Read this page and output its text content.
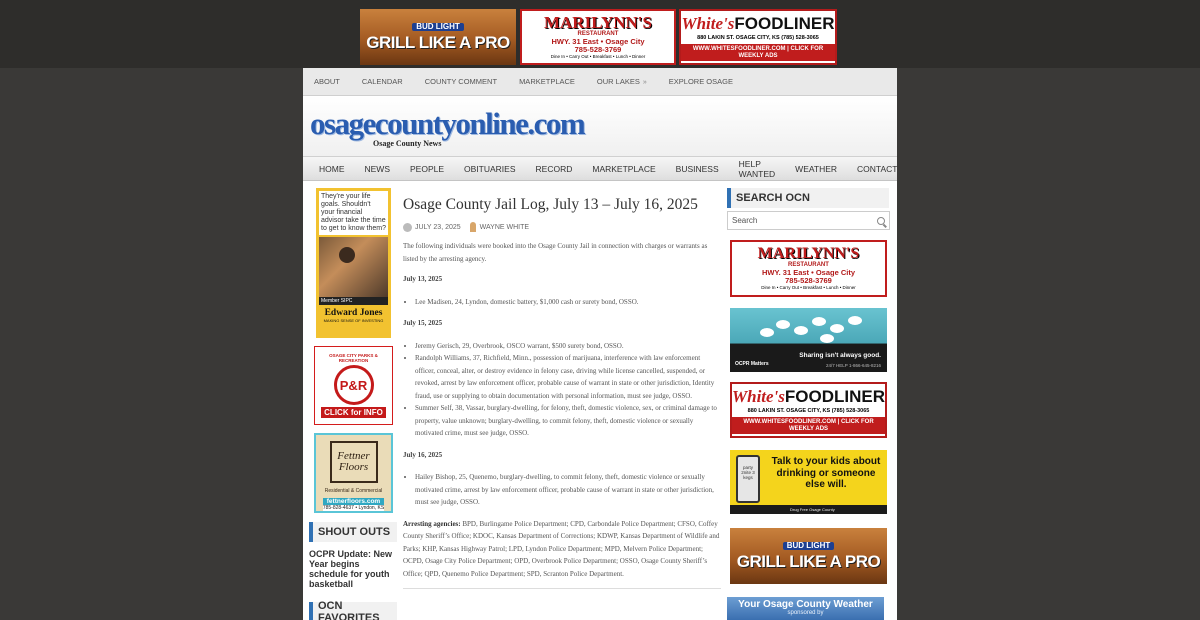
BUD LIGHT
GRILL LIKE A PRO
MARILYNN'S
RESTAURANT
HWY. 31 East • Osage City
785-528-3769
Dine In • Carry Out • Breakfast • Lunch • Dinner
White'sFOODLINER
880 LAKIN ST. OSAGE CITY, KS (785) 528-3065
WWW.WHITESFOODLINER.COM | CLICK FOR WEEKLY ADS
ABOUT	CALENDAR	COUNTY COMMENT	MARKETPLACE	OUR LAKES »	EXPLORE OSAGE
osagecountyonline.com
Osage County News
HOME	NEWS	PEOPLE	OBITUARIES	RECORD	MARKETPLACE	BUSINESS	HELP WANTED	WEATHER	CONTACT
They're your life goals. Shouldn't your financial advisor take the time to get to know them?
Member SIPC
Edward Jones
MAKING SENSE OF INVESTING
OSAGE CITY PARKS & RECREATION
P&R
CLICK for INFO
Fettner Floors
Residential & Commercial
fettnerfloors.com
785-828-4637 • Lyndon, KS
SHOUT OUTS
OCPR Update: New Year begins schedule for youth basketball
OCN FAVORITES
Osage County Jail Log, July 13 – July 16, 2025
JULY 23, 2025	WAYNE WHITE

The following individuals were booked into the Osage County Jail in connection with charges or warrants as listed by the arresting agency.

July 13, 2025

• Lee Madisen, 24, Lyndon, domestic battery, $1,000 cash or surety bond, OSSO.

July 15, 2025

• Jeremy Gerisch, 29, Overbrook, OSCO warrant, $500 surety bond, OSSO.
• Randolph Williams, 37, Richfield, Minn., possession of marijuana, interference with law enforcement officer, conceal, alter, or destroy evidence in felony case, driving while license cancelled, suspended, or revoked, arrest by law enforcement officer, probable cause of warrant in state or other jurisdiction, Identity fraud, use or supplying to obtain documentation with personal information, must see judge, OSSO.
• Summer Self, 38, Vassar, burglary-dwelling, for felony, theft, domestic violence, sex, or criminal damage to property, value unknown; burglary-dwelling, to commit felony, theft, domestic violence or sexually motivated crime, must see judge, OSSO.

July 16, 2025

• Hailey Bishop, 25, Quenemo, burglary-dwelling, to commit felony, theft, domestic violence or sexually motivated crime, arrest by law enforcement officer, probable cause of warrant in state or other jurisdiction, must see judge, OSSO.

Arresting agencies: BPD, Burlingame Police Department; CPD, Carbondale Police Department; CFSO, Coffey County Sheriff’s Office; KDOC, Kansas Department of Corrections; KDWP, Kansas Department of Wildlife and Parks; KHP, Kansas Highway Patrol; LPD, Lyndon Police Department; MPD, Melvern Police Department; OCPD, Osage City Police Department; OPD, Overbrook Police Department; OSSO, Osage County Sheriff’s Office; QPD, Quenemo Police Department; SPD, Scranton Police Department.

SEARCH OCN
Search
MARILYNN'S
RESTAURANT
HWY. 31 East • Osage City
785-528-3769
Dine In • Carry Out • Breakfast • Lunch • Dinner
OCPR Matters
Sharing isn't always good.
24/7 HELP 1-866-645-8216
White'sFOODLINER
880 LAKIN ST. OSAGE CITY, KS (785) 528-3065
WWW.WHITESFOODLINER.COM | CLICK FOR WEEKLY ADS
party 2nite 3 kegs
Talk to your kids about drinking or someone else will.
Drug Free Osage County
BUD LIGHT
GRILL LIKE A PRO
Your Osage County Weather
sponsored by
